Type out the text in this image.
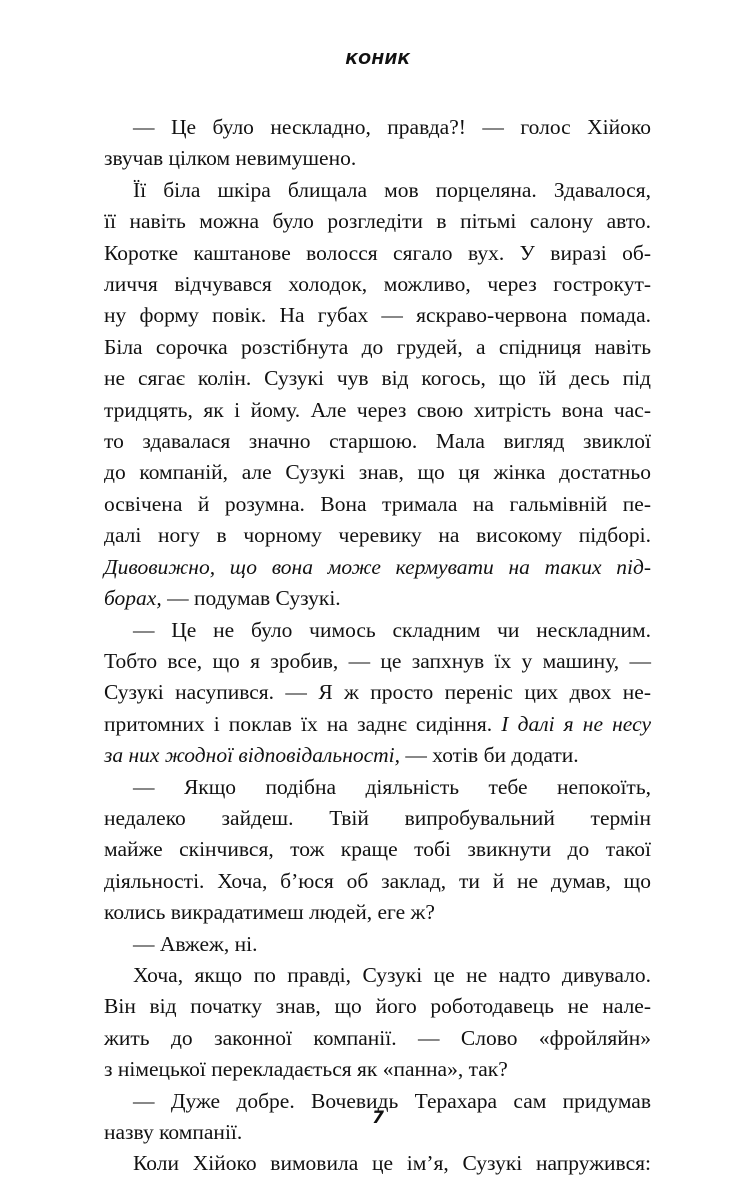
КОНИК
— Це було нескладно, правда?! — голос Хійоко
звучав цілком невимушено.
Її біла шкіра блищала мов порцеляна. Здавалося,
її навіть можна було розгледіти в пітьмі салону авто.
Коротке каштанове волосся сягало вух. У виразі об-
личчя відчувався холодок, можливо, через гострокут-
ну форму повік. На губах — яскраво-червона помада.
Біла сорочка розстібнута до грудей, а спідниця навіть
не сягає колін. Сузукі чув від когось, що їй десь під
тридцять, як і йому. Але через свою хитрість вона час-
то здавалася значно старшою. Мала вигляд звиклої
до компаній, але Сузукі знав, що ця жінка достатньо
освічена й розумна. Вона тримала на гальмівній пе-
далі ногу в чорному черевику на високому підборі.
Дивовижно, що вона може кермувати на таких під-
борах, — подумав Сузукі.
— Це не було чимось складним чи нескладним.
Тобто все, що я зробив, — це запхнув їх у машину, —
Сузукі насупився. — Я ж просто переніс цих двох не-
притомних і поклав їх на заднє сидіння. І далі я не несу
за них жодної відповідальності, — хотів би додати.
— Якщо подібна діяльність тебе непокоїть,
недалеко зайдеш. Твій випробувальний термін
майже скінчився, тож краще тобі звикнути до такої
діяльності. Хоча, б’юся об заклад, ти й не думав, що
колись викрадатимеш людей, еге ж?
— Авжеж, ні.
Хоча, якщо по правді, Сузукі це не надто дивувало.
Він від початку знав, що його роботодавець не нале-
жить до законної компанії. — Слово «фройляйн»
з німецької перекладається як «панна», так?
— Дуже добре. Вочевидь Терахара сам придумав
назву компанії.
Коли Хійоко вимовила це ім’я, Сузукі напружився:
7
